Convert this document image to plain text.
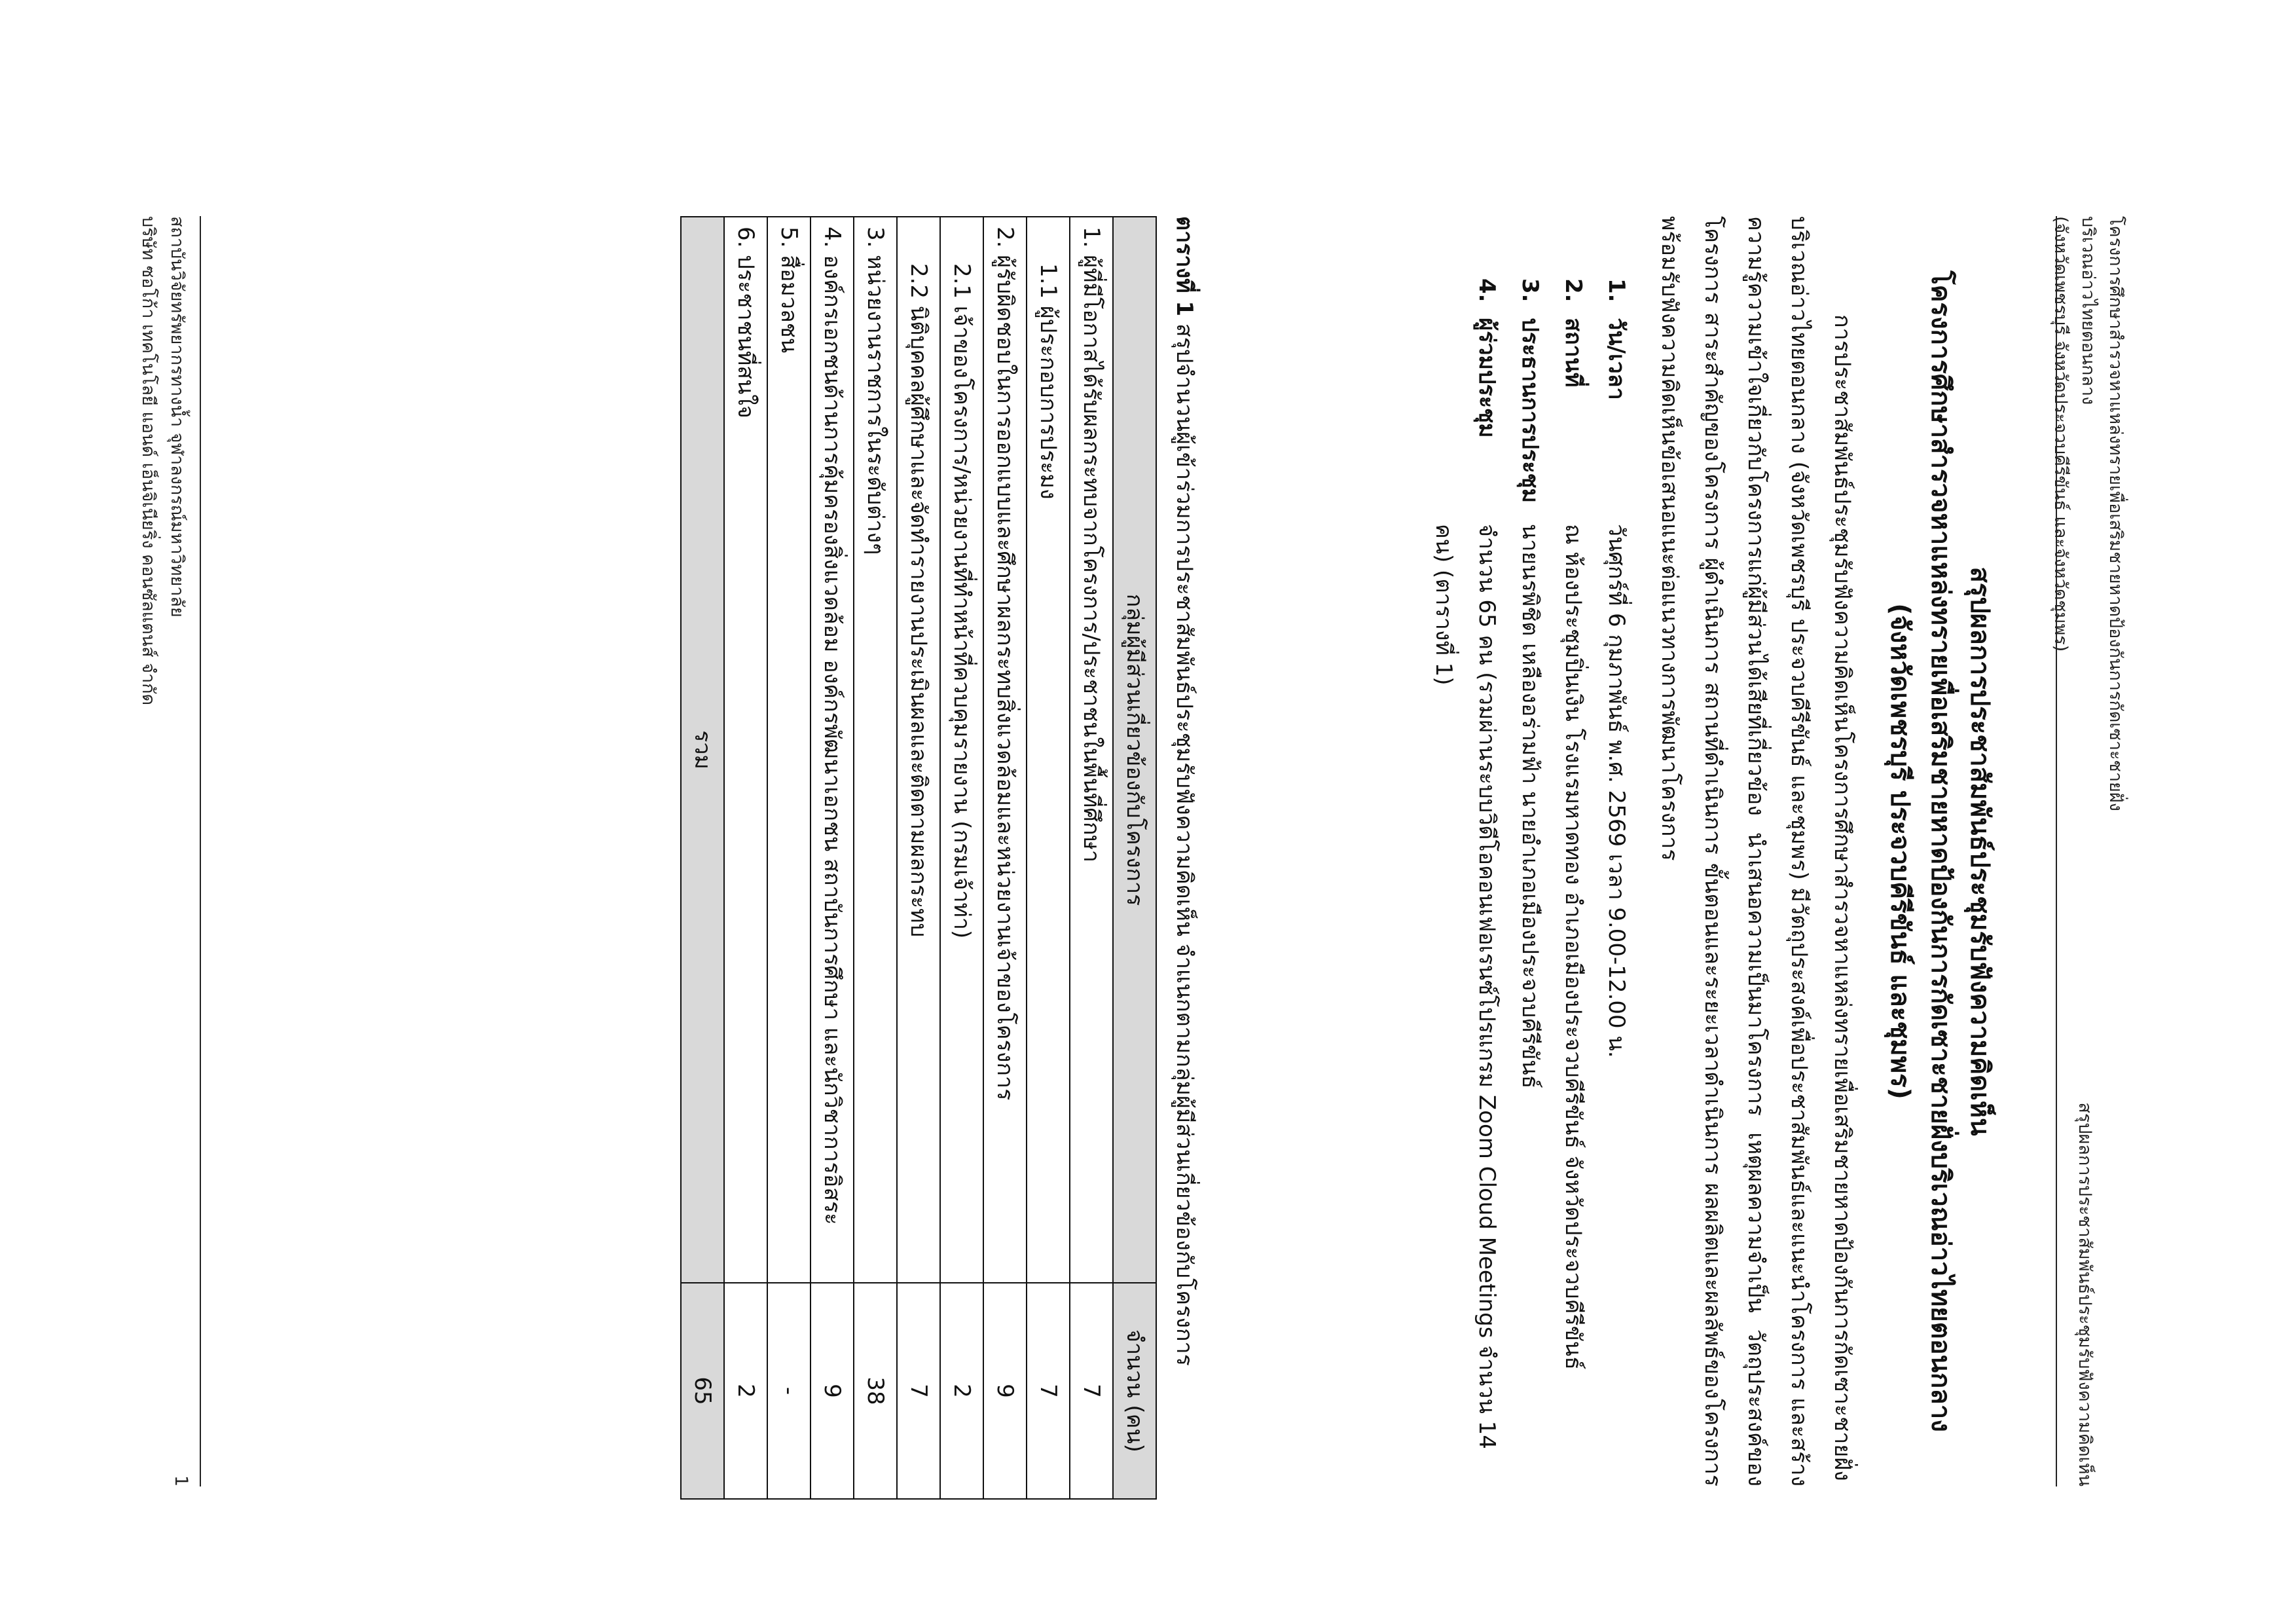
โครงการศึกษาสำรวจหาแหล่งทรายเพื่อเสริมชายหาดป้องกันการกัดเซาะชายฝั่ง
บริเวณอ่าวไทยตอนกลาง
(จังหวัดเพชรบุรี จังหวัดประจวบคีรีขันธ์ และจังหวัดชุมพร)
สรุปผลการประชาสัมพันธ์ประชุมรับฟังความคิดเห็น
สรุปผลการประชาสัมพันธ์ประชุมรับฟังความคิดเห็น
โครงการศึกษาสำรวจหาแหล่งทรายเพื่อเสริมชายหาดป้องกันการกัดเซาะชายฝั่งบริเวณอ่าวไทยตอนกลาง
(จังหวัดเพชรบุรี ประจวบคีรีขันธ์ และชุมพร)
การประชาสัมพันธ์ประชุมรับฟังความคิดเห็นโครงการศึกษาสำรวจหาแหล่งทรายเพื่อเสริมชายหาดป้องกันการกัดเซาะชายฝั่งบริเวณอ่าวไทยตอนกลาง (จังหวัดเพชรบุรี ประจวบคีรีขันธ์ และชุมพร) มีวัตถุประสงค์เพื่อประชาสัมพันธ์และแนะนำโครงการ และสร้างความรู้ความเข้าใจเกี่ยวกับโครงการแก่ผู้มีส่วนได้เสียที่เกี่ยวข้อง นำเสนอความเป็นมาโครงการ เหตุผลความจำเป็น วัตถุประสงค์ของโครงการ สาระสำคัญของโครงการ ผู้ดำเนินการ สถานที่ดำเนินการ ขั้นตอนและระยะเวลาดำเนินการ ผลผลิตและผลลัพธ์ของโครงการ พร้อมรับฟังความคิดเห็นข้อเสนอแนะต่อแนวทางการพัฒนาโครงการ
1.  วัน/เวลา
วันศุกร์ที่ 6 กุมภาพันธ์ พ.ศ. 2569 เวลา 9.00-12.00 น.
2.  สถานที่
ณ ห้องประชุมปิ่นเงิน โรงแรมหาดทอง อำเภอเมืองประจวบคีรีขันธ์ จังหวัดประจวบคีรีขันธ์
3.  ประธานการประชุม
นายนรพิชิต เหลืองอร่ามฟ้า นายอำเภอเมืองประจวบคีรีขันธ์
4.  ผู้ร่วมประชุม
จำนวน 65 คน (รวมผ่านระบบวิดีโอคอนเฟอเรนซ์โปรแกรม Zoom Cloud Meetings จำนวน 14 คน) (ตารางที่ 1)
ตารางที่ 1 สรุปจำนวนผู้เข้าร่วมการประชาสัมพันธ์ประชุมรับฟังความคิดเห็น จำแนกตามกลุ่มผู้มีส่วนเกี่ยวข้องกับโครงการ
กลุ่มผู้มีส่วนเกี่ยวข้องกับโครงการ	จำนวน (คน)
1. ผู้ที่มีโอกาสได้รับผลกระทบจากโครงการ/ประชาชนในพื้นที่ศึกษา	7
1.1 ผู้ประกอบการประมง	7
2. ผู้รับผิดชอบในการออกแบบและศึกษาผลกระทบสิ่งแวดล้อมและหน่วยงานเจ้าของโครงการ	9
2.1 เจ้าของโครงการ/หน่วยงานที่ทำหน้าที่ควบคุมรายงาน (กรมเจ้าท่า)	2
2.2 นิติบุคคลผู้ศึกษาและจัดทำรายงานประเมินผลและติดตามผลกระทบ	7
3. หน่วยงานราชการในระดับต่างๆ	38
4. องค์กรเอกชนด้านการคุ้มครองสิ่งแวดล้อม องค์กรพัฒนาเอกชน สถาบันการศึกษา และนักวิชาการอิสระ	9
5. สื่อมวลชน	-
6. ประชาชนที่สนใจ	2
รวม	65
สถาบันวิจัยทรัพยากรทางน้ำ จุฬาลงกรณ์มหาวิทยาลัย
บริษัท ซอโก้า เทคโนโลยี แอนด์ เอ็นจิเนียริ่ง คอนซัลแตนส์ จำกัด
1
